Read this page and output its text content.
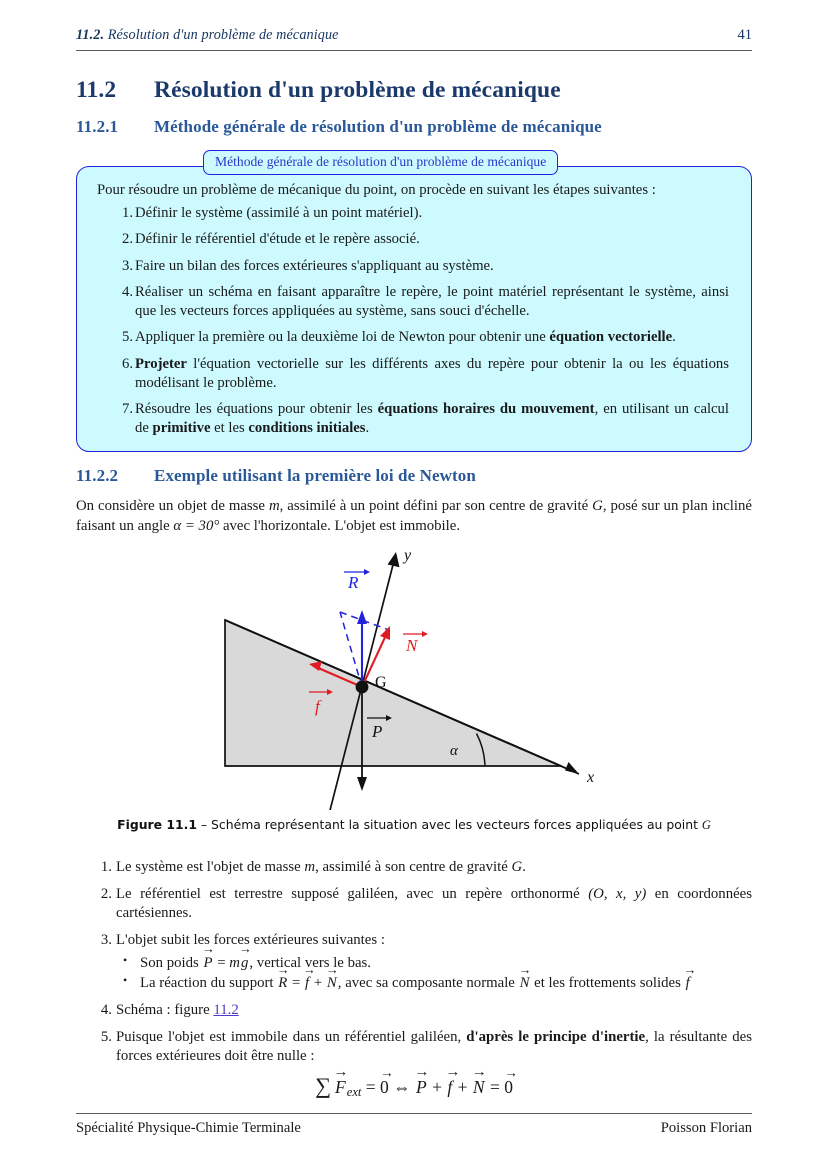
11.2. Résolution d'un problème de mécanique	41
11.2 Résolution d'un problème de mécanique
11.2.1 Méthode générale de résolution d'un problème de mécanique
Méthode générale de résolution d'un problème de mécanique

Pour résoudre un problème de mécanique du point, on procède en suivant les étapes suivantes :

Définir le système (assimilé à un point matériel).
Définir le référentiel d'étude et le repère associé.
Faire un bilan des forces extérieures s'appliquant au système.
Réaliser un schéma en faisant apparaître le repère, le point matériel représentant le système, ainsi que les vecteurs forces appliquées au système, sans souci d'échelle.
Appliquer la première ou la deuxième loi de Newton pour obtenir une équation vectorielle.
Projeter l'équation vectorielle sur les différents axes du repère pour obtenir la ou les équations modélisant le problème.
Résoudre les équations pour obtenir les équations horaires du mouvement, en utilisant un calcul de primitive et les conditions initiales.
11.2.2 Exemple utilisant la première loi de Newton
On considère un objet de masse m, assimilé à un point défini par son centre de gravité G, posé sur un plan incliné faisant un angle α = 30° avec l'horizontale. L'objet est immobile.
x
y
α
R
N
f
P
G
Figure 11.1 – Schéma représentant la situation avec les vecteurs forces appliquées au point G
Le système est l'objet de masse m, assimilé à son centre de gravité G.
Le référentiel est terrestre supposé galiléen, avec un repère orthonormé (O, x, y) en coordonnées cartésiennes.
L'objet subit les forces extérieures suivantes :
• Son poids P → = mg →, vertical vers le bas.
• La réaction du support R → = f → + N →, avec sa composante normale N → et les frottements solides f →
Schéma : figure 11.2
Puisque l'objet est immobile dans un référentiel galiléen, d'après le principe d'inertie, la résultante des forces extérieures doit être nulle :
∑ $F \to_{ext} = 0$ → ⇔ P → + f → + N → = 0 →
Spécialité Physique-Chimie Terminale	Poisson Florian
